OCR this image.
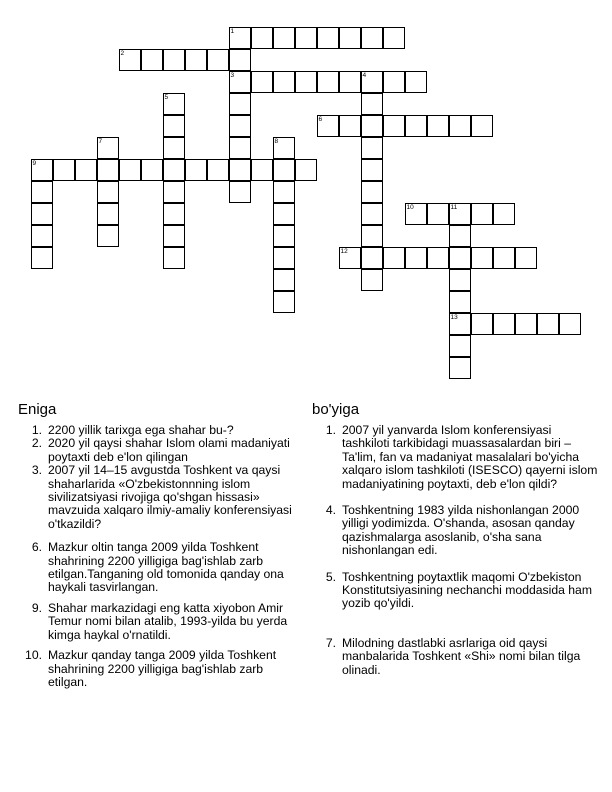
1
2
3	4
5
6
7	8
9
10	11
12
13
Eniga	bo'yiga
1. 2200 yillik tarixga ega shahar bu-?
2. 2020 yil qaysi shahar Islom olami madaniyati poytaxti deb e'lon qilingan
3. 2007 yil 14–15 avgustda Toshkent va qaysi shaharlarida «O'zbekistonnning islom sivilizatsiyasi rivojiga qo'shgan hissasi» mavzuida xalqaro ilmiy-amaliy konferensiyasi o'tkazildi?
6. Mazkur oltin tanga 2009 yilda Toshkent shahrining 2200 yilligiga bag'ishlab zarb etilgan.Tanganing old tomonida qanday ona haykali tasvirlangan.
9. Shahar markazidagi eng katta xiyobon Amir Temur nomi bilan atalib, 1993-yilda bu yerda kimga haykal o'rnatildi.
10. Mazkur qanday tanga 2009 yilda Toshkent shahrining 2200 yilligiga bag'ishlab zarb etilgan.
1. 2007 yil yanvarda Islom konferensiyasi tashkiloti tarkibidagi muassasalardan biri – Ta'lim, fan va madaniyat masalalari bo'yicha xalqaro islom tashkiloti (ISESCO) qayerni islom madaniyatining poytaxti, deb e'lon qildi?
4. Toshkentning 1983 yilda nishonlangan 2000 yilligi yodimizda. O'shanda, asosan qanday qazishmalarga asoslanib, o'sha sana nishonlangan edi.
5. Toshkentning poytaxtlik maqomi O'zbekiston Konstitutsiyasining nechanchi moddasida ham yozib qo'yildi.
7. Milodning dastlabki asrlariga oid qaysi manbalarida Toshkent «Shi» nomi bilan tilga olinadi.
